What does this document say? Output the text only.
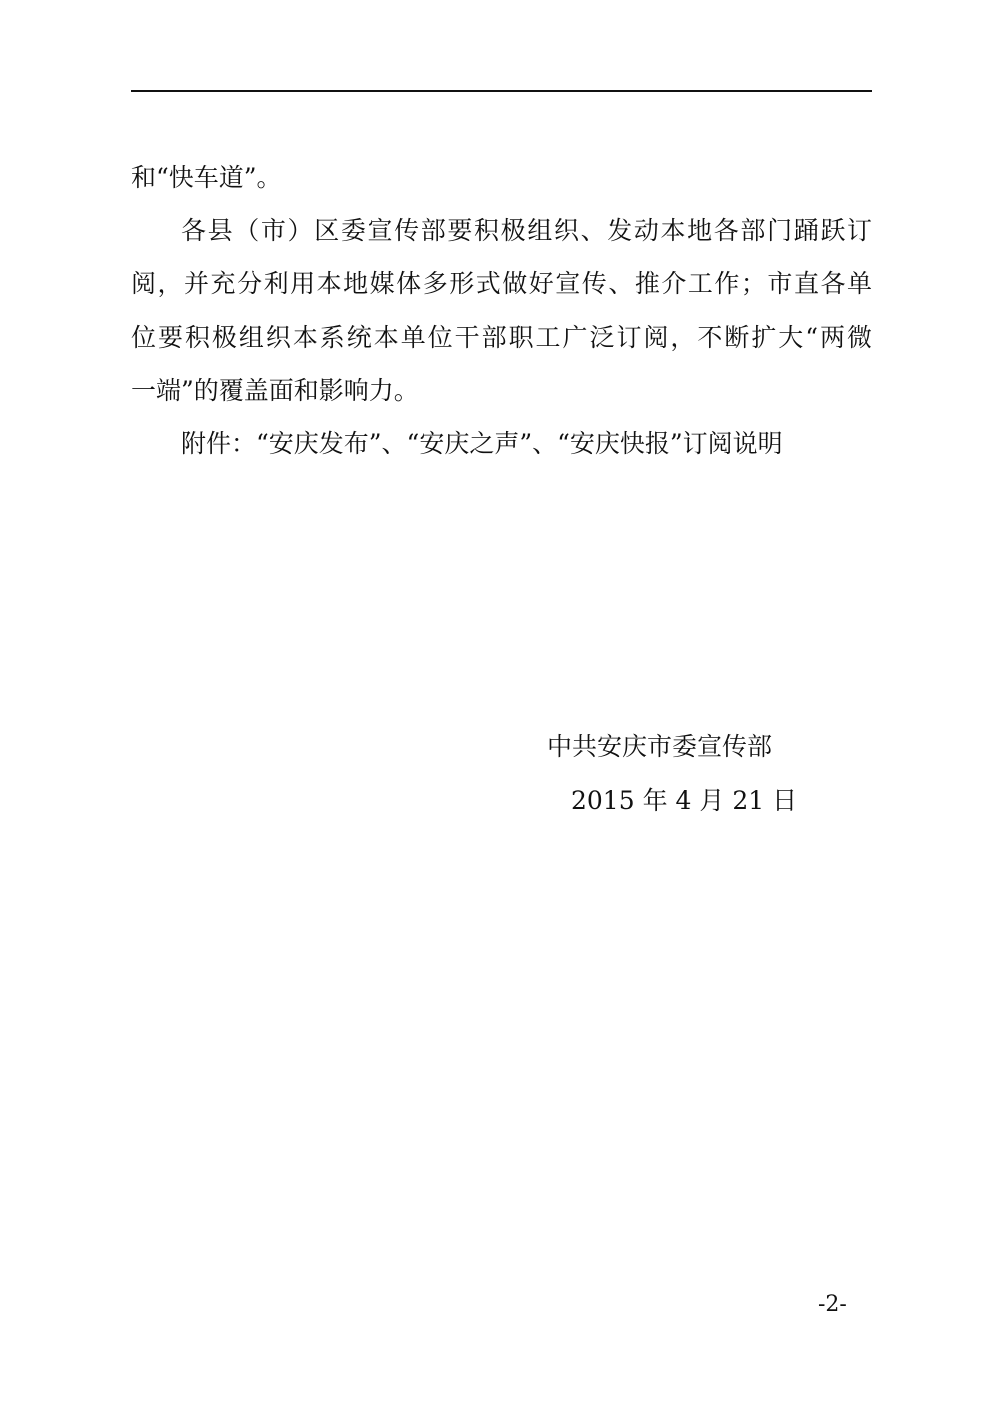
和“快车道”。
各县（市）区委宣传部要积极组织、发动本地各部门踊跃订
阅，并充分利用本地媒体多形式做好宣传、推介工作；市直各单
位要积极组织本系统本单位干部职工广泛订阅，不断扩大“两微
一端”的覆盖面和影响力。
附件：“安庆发布”、“安庆之声”、“安庆快报”订阅说明
中共安庆市委宣传部
2015 年 4 月 21 日
-2-
